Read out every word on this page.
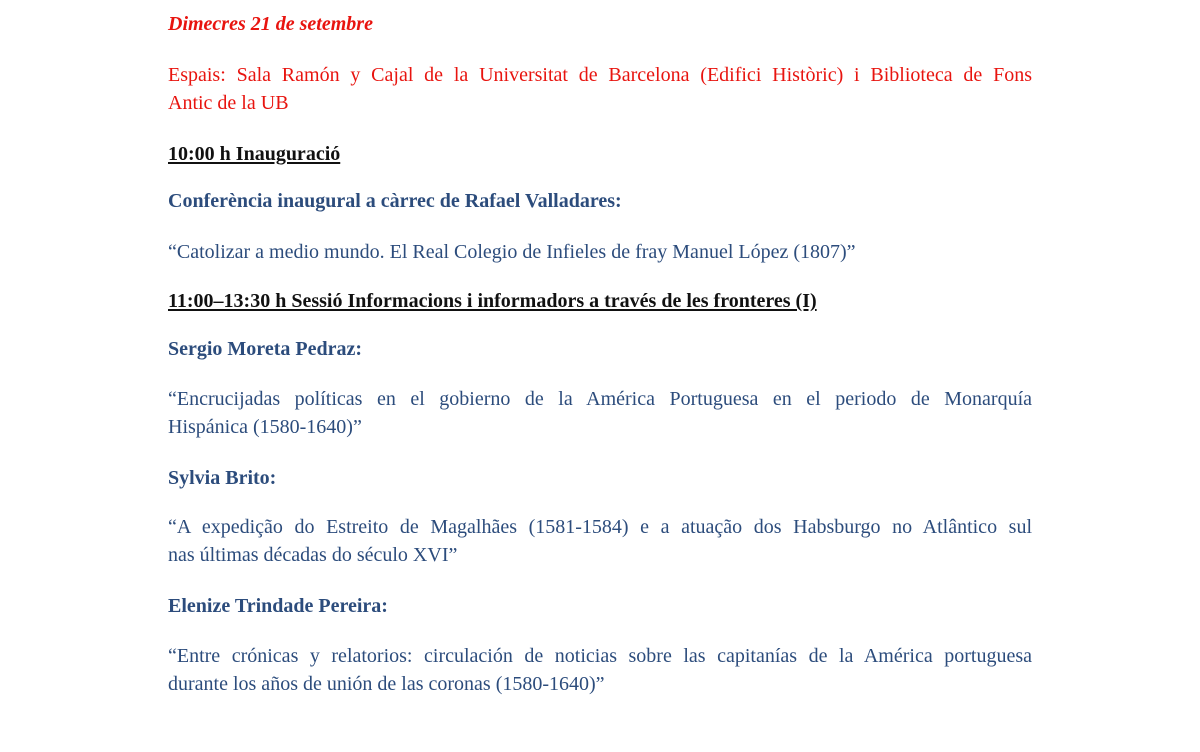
Dimecres 21 de setembre
Espais: Sala Ramón y Cajal de la Universitat de Barcelona (Edifici Històric) i Biblioteca de Fons
Antic de la UB
10:00 h Inauguració
Conferència inaugural a càrrec de Rafael Valladares:
“Catolizar a medio mundo. El Real Colegio de Infieles de fray Manuel López (1807)”
11:00–13:30 h Sessió Informacions i informadors a través de les fronteres (I)
Sergio Moreta Pedraz:
“Encrucijadas políticas en el gobierno de la América Portuguesa en el periodo de Monarquía
Hispánica (1580-1640)”
Sylvia Brito:
“A expedição do Estreito de Magalhães (1581-1584) e a atuação dos Habsburgo no Atlântico sul
nas últimas décadas do século XVI”
Elenize Trindade Pereira:
“Entre crónicas y relatorios: circulación de noticias sobre las capitanías de la América portuguesa
durante los años de unión de las coronas (1580-1640)”
